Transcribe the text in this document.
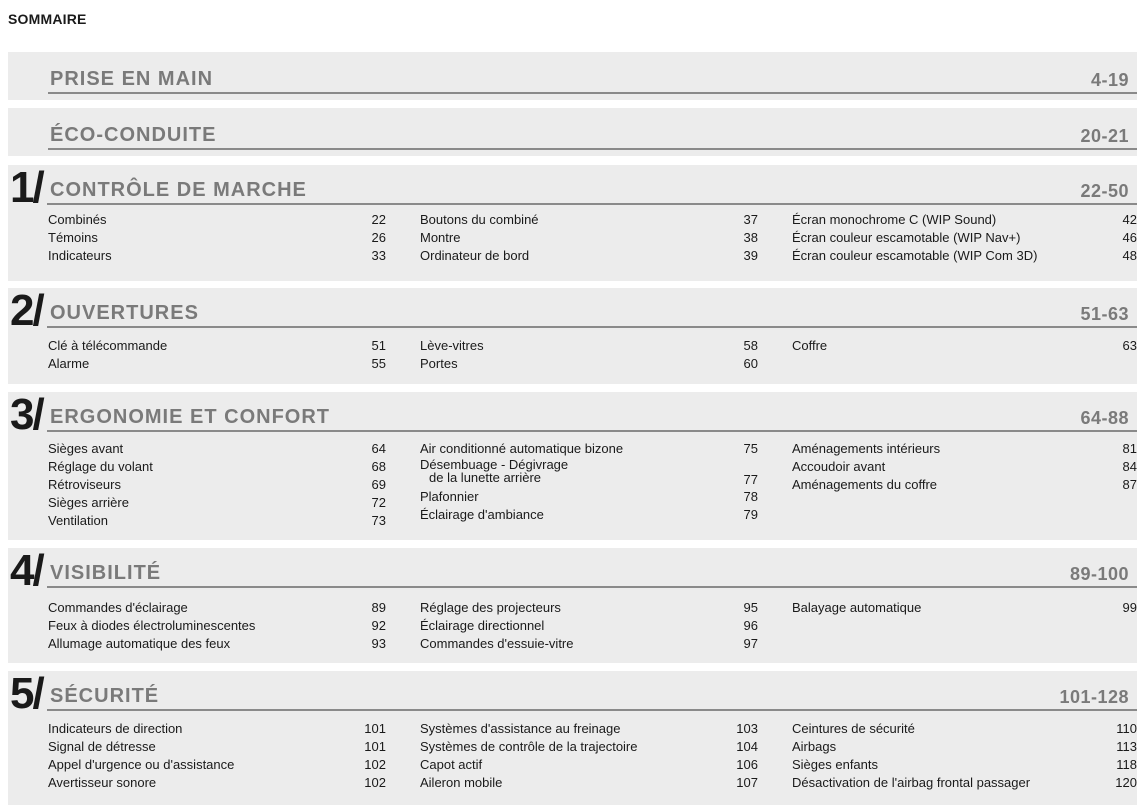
SOMMAIRE
PRISE EN MAIN	4-19
ÉCO-CONDUITE	20-21
1/ CONTRÔLE DE MARCHE	22-50
Combinés	22
Témoins	26
Indicateurs	33
Boutons du combiné	37
Montre	38
Ordinateur de bord	39
Écran monochrome C (WIP Sound)	42
Écran couleur escamotable (WIP Nav+)	46
Écran couleur escamotable (WIP Com 3D)	48
2/ OUVERTURES	51-63
Clé à télécommande	51
Alarme	55
Lève-vitres	58
Portes	60
Coffre	63
3/ ERGONOMIE ET CONFORT	64-88
Sièges avant	64
Réglage du volant	68
Rétroviseurs	69
Sièges arrière	72
Ventilation	73
Air conditionné automatique bizone	75
Désembuage - Dégivrage
de la lunette arrière	77
Plafonnier	78
Éclairage d'ambiance	79
Aménagements intérieurs	81
Accoudoir avant	84
Aménagements du coffre	87
4/ VISIBILITÉ	89-100
Commandes d'éclairage	89
Feux à diodes électroluminescentes	92
Allumage automatique des feux	93
Réglage des projecteurs	95
Éclairage directionnel	96
Commandes d'essuie-vitre	97
Balayage automatique	99
5/ SÉCURITÉ	101-128
Indicateurs de direction	101
Signal de détresse	101
Appel d'urgence ou d'assistance	102
Avertisseur sonore	102
Systèmes d'assistance au freinage	103
Systèmes de contrôle de la trajectoire	104
Capot actif	106
Aileron mobile	107
Ceintures de sécurité	110
Airbags	113
Sièges enfants	118
Désactivation de l'airbag frontal passager	120
